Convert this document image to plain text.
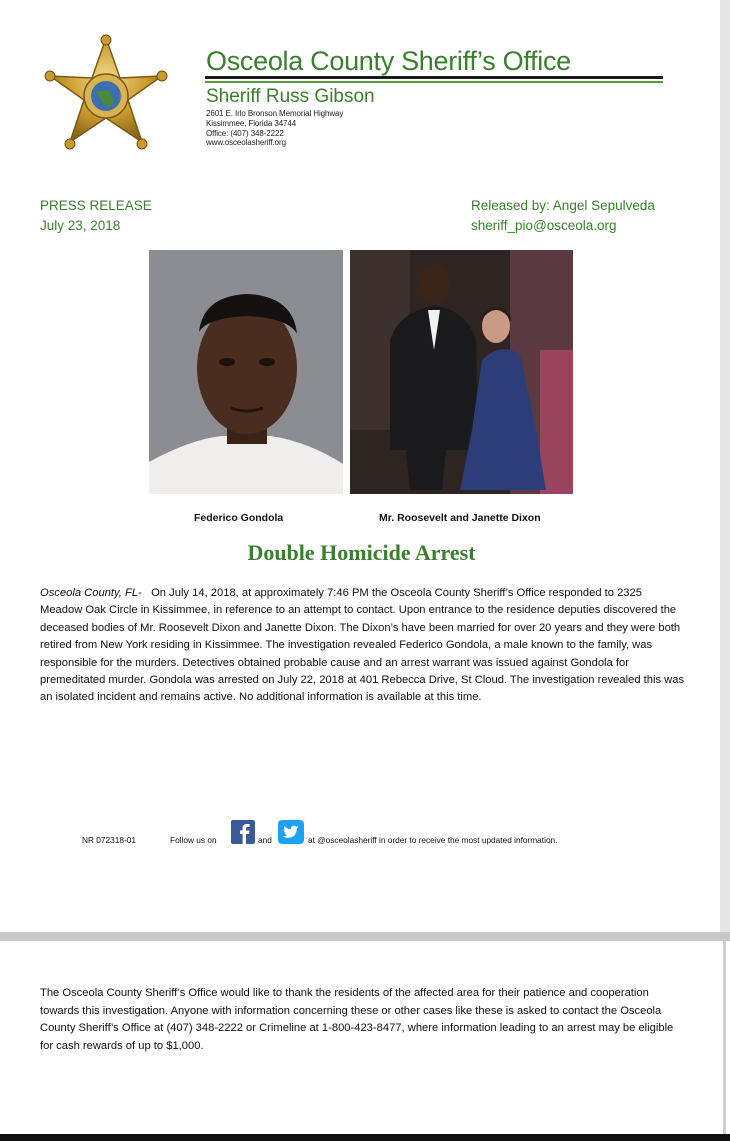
Osceola County Sheriff’s Office
Sheriff Russ Gibson
2601 E. Irlo Bronson Memorial Highway
Kissimmee, Florida 34744
Office: (407) 348-2222
www.osceolasheriff.org
PRESS RELEASE
July 23, 2018
Released by: Angel Sepulveda
sheriff_pio@osceola.org
Federico Gondola	Mr. Roosevelt and Janette Dixon
Double Homicide Arrest
Osceola County, FL- On July 14, 2018, at approximately 7:46 PM the Osceola County Sheriff’s Office responded to 2325 Meadow Oak Circle in Kissimmee, in reference to an attempt to contact. Upon entrance to the residence deputies discovered the deceased bodies of Mr. Roosevelt Dixon and Janette Dixon. The Dixon’s have been married for over 20 years and they were both retired from New York residing in Kissimmee. The investigation revealed Federico Gondola, a male known to the family, was responsible for the murders. Detectives obtained probable cause and an arrest warrant was issued against Gondola for premeditated murder. Gondola was arrested on July 22, 2018 at 401 Rebecca Drive, St Cloud. The investigation revealed this was an isolated incident and remains active. No additional information is available at this time.
NR 072318-01	Follow us on	and	at @osceolasheriff in order to receive the most updated information.
The Osceola County Sheriff’s Office would like to thank the residents of the affected area for their patience and cooperation towards this investigation. Anyone with information concerning these or other cases like these is asked to contact the Osceola County Sheriff’s Office at (407) 348-2222 or Crimeline at 1-800-423-8477, where information leading to an arrest may be eligible for cash rewards of up to $1,000.
